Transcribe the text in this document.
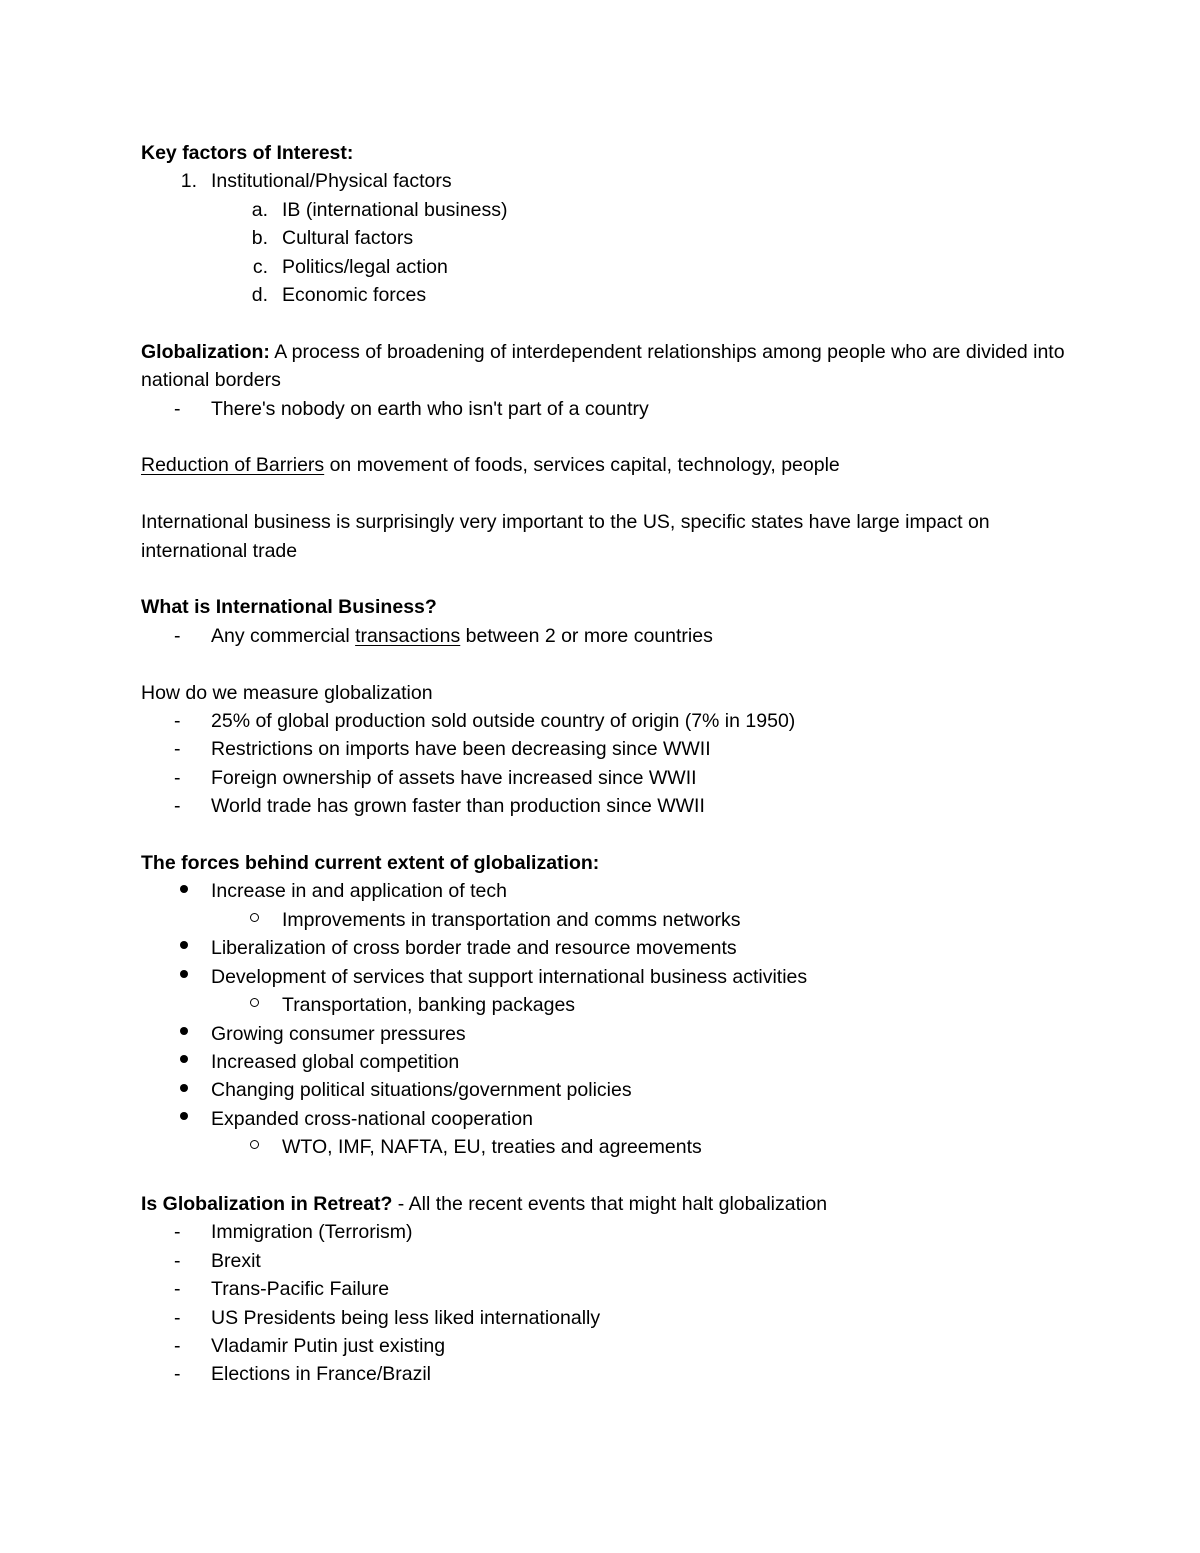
Key factors of Interest:

1. Institutional/Physical factors
a. IB (international business)
b. Cultural factors
c. Politics/legal action
d. Economic forces

Globalization: A process of broadening of interdependent relationships among people who are divided into national borders

-	There's nobody on earth who isn't part of a country

Reduction of Barriers on movement of foods, services capital, technology, people

International business is surprisingly very important to the US, specific states have large impact on international trade

What is International Business?

-	Any commercial transactions between 2 or more countries

How do we measure globalization

-	25% of global production sold outside country of origin (7% in 1950)
-	Restrictions on imports have been decreasing since WWII
-	Foreign ownership of assets have increased since WWII
-	World trade has grown faster than production since WWII

The forces behind current extent of globalization:

Increase in and application of tech
Improvements in transportation and comms networks
Liberalization of cross border trade and resource movements
Development of services that support international business activities
Transportation, banking packages
Growing consumer pressures
Increased global competition
Changing political situations/government policies
Expanded cross-national cooperation
WTO, IMF, NAFTA, EU, treaties and agreements

Is Globalization in Retreat? - All the recent events that might halt globalization

-	Immigration (Terrorism)
-	Brexit
-	Trans-Pacific Failure
-	US Presidents being less liked internationally
-	Vladamir Putin just existing
-	Elections in France/Brazil
